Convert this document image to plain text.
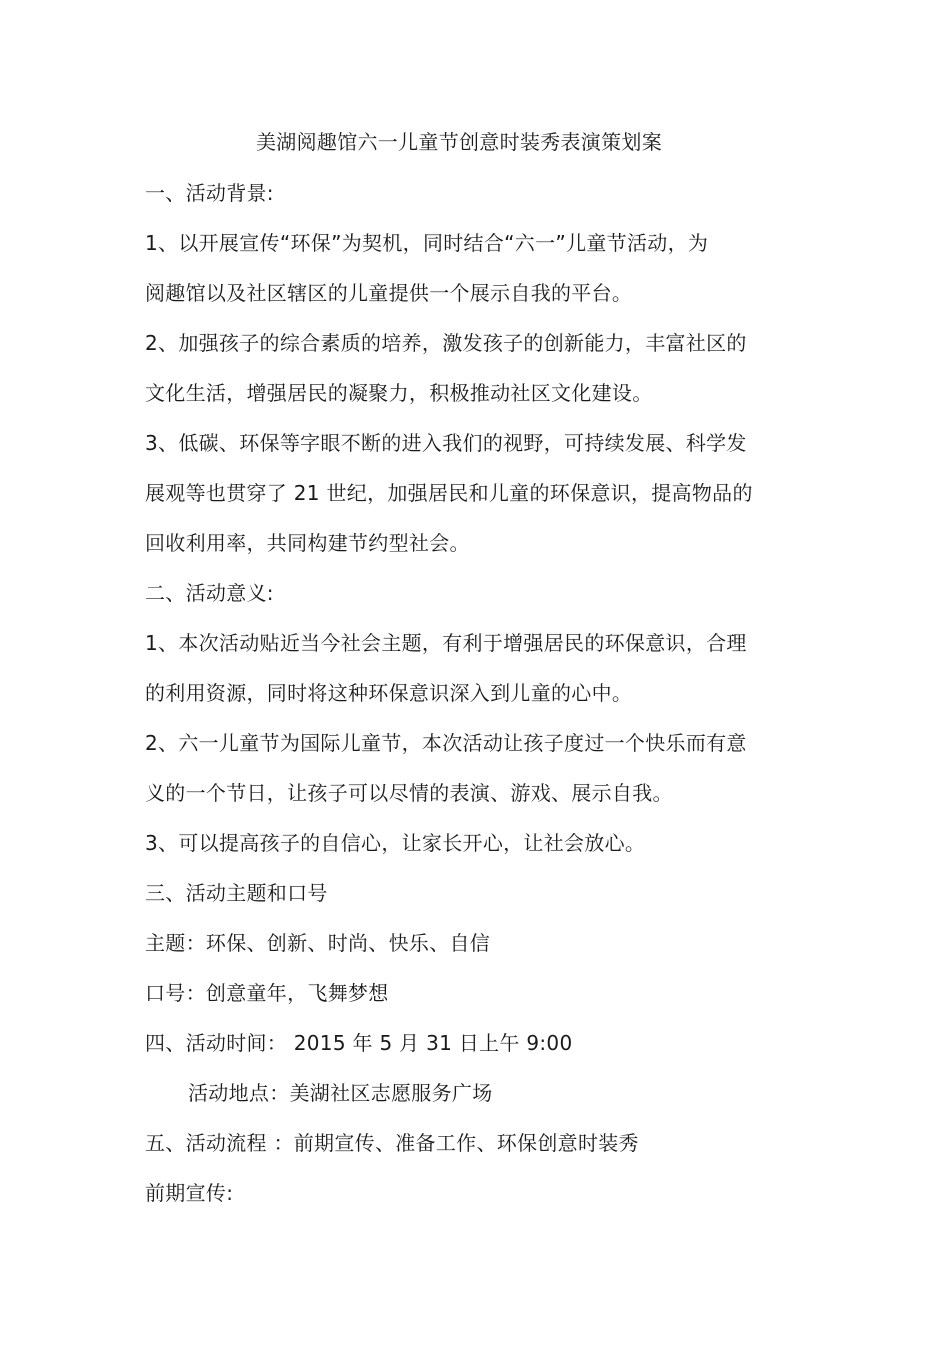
美湖阅趣馆六一儿童节创意时装秀表演策划案
一、活动背景:
1、以开展宣传“环保”为契机，同时结合“六一”儿童节活动，为
阅趣馆以及社区辖区的儿童提供一个展示自我的平台。
2、加强孩子的综合素质的培养，激发孩子的创新能力，丰富社区的
文化生活，增强居民的凝聚力，积极推动社区文化建设。
3、低碳、环保等字眼不断的进入我们的视野，可持续发展、科学发
展观等也贯穿了 21 世纪，加强居民和儿童的环保意识，提高物品的
回收利用率，共同构建节约型社会。
二、活动意义:
1、本次活动贴近当今社会主题，有利于增强居民的环保意识，合理
的利用资源，同时将这种环保意识深入到儿童的心中。
2、六一儿童节为国际儿童节，本次活动让孩子度过一个快乐而有意
义的一个节日，让孩子可以尽情的表演、游戏、展示自我。
3、可以提高孩子的自信心，让家长开心，让社会放心。
三、活动主题和口号
主题：环保、创新、时尚、快乐、自信
口号：创意童年，飞舞梦想
四、活动时间： 2015 年 5 月 31 日上午 9:00
活动地点：美湖社区志愿服务广场
五、活动流程 ：前期宣传、准备工作、环保创意时装秀
前期宣传:
